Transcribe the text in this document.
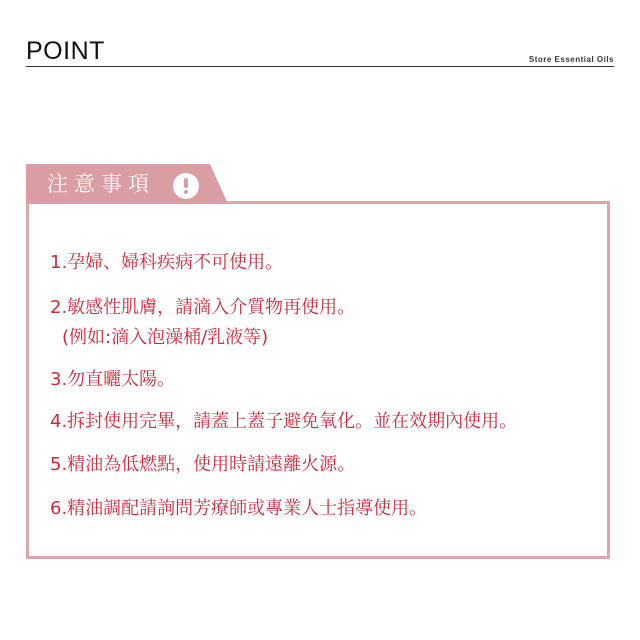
POINT	Store Essential Oils
注意事項
1.孕婦、婦科疾病不可使用。
2.敏感性肌膚，請滴入介質物再使用。
(例如:滴入泡澡桶/乳液等)
3.勿直曬太陽。
4.拆封使用完畢，請蓋上蓋子避免氧化。並在效期內使用。
5.精油為低燃點，使用時請遠離火源。
6.精油調配請詢問芳療師或專業人士指導使用。
